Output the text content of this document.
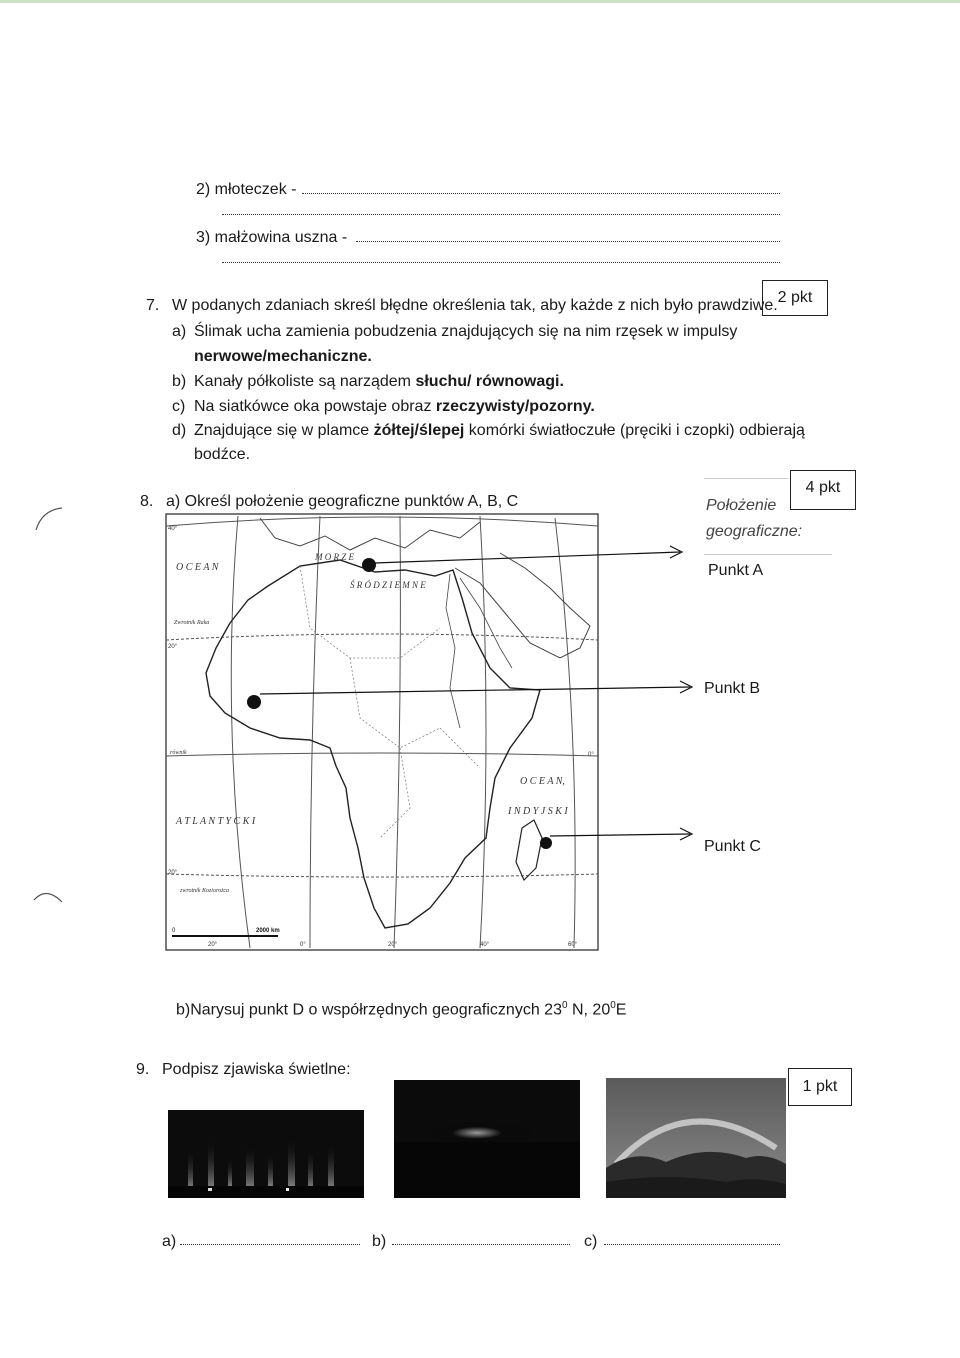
2) młoteczek -
3) małżowina uszna -
7. W podanych zdaniach skreśl błędne określenia tak, aby każde z nich było prawdziwe. 2 pkt
a) Ślimak ucha zamienia pobudzenia znajdujących się na nim rzęsek w impulsy
nerwowe/mechaniczne.
b) Kanały półkoliste są narządem słuchu/ równowagi.
c) Na siatkówce oka powstaje obraz rzeczywisty/pozorny.
d) Znajdujące się w plamce żółtej/ślepej komórki światłoczułe (pręciki i czopki) odbierają
bodźce.
8. a) Określ położenie geograficzne punktów A, B, C
4 pkt
Położenie
geograficzne:
Punkt A
Punkt B
Punkt C
O C E A N
A T L A N T Y C K I
O C E A N,
I N D Y J S K I
M O R Z E
Ś R Ó D Z I E M N E
Zwrotnik Raka
zwrotnik Koziorożca
równik
40°
20°
0°
20°
20°	0°	20°	40°	60°
0	2000 km
b)Narysuj punkt D o współrzędnych geograficznych $23^0$ N, $20^0E$
9. Podpisz zjawiska świetlne:
1 pkt
a)	b)	c)
